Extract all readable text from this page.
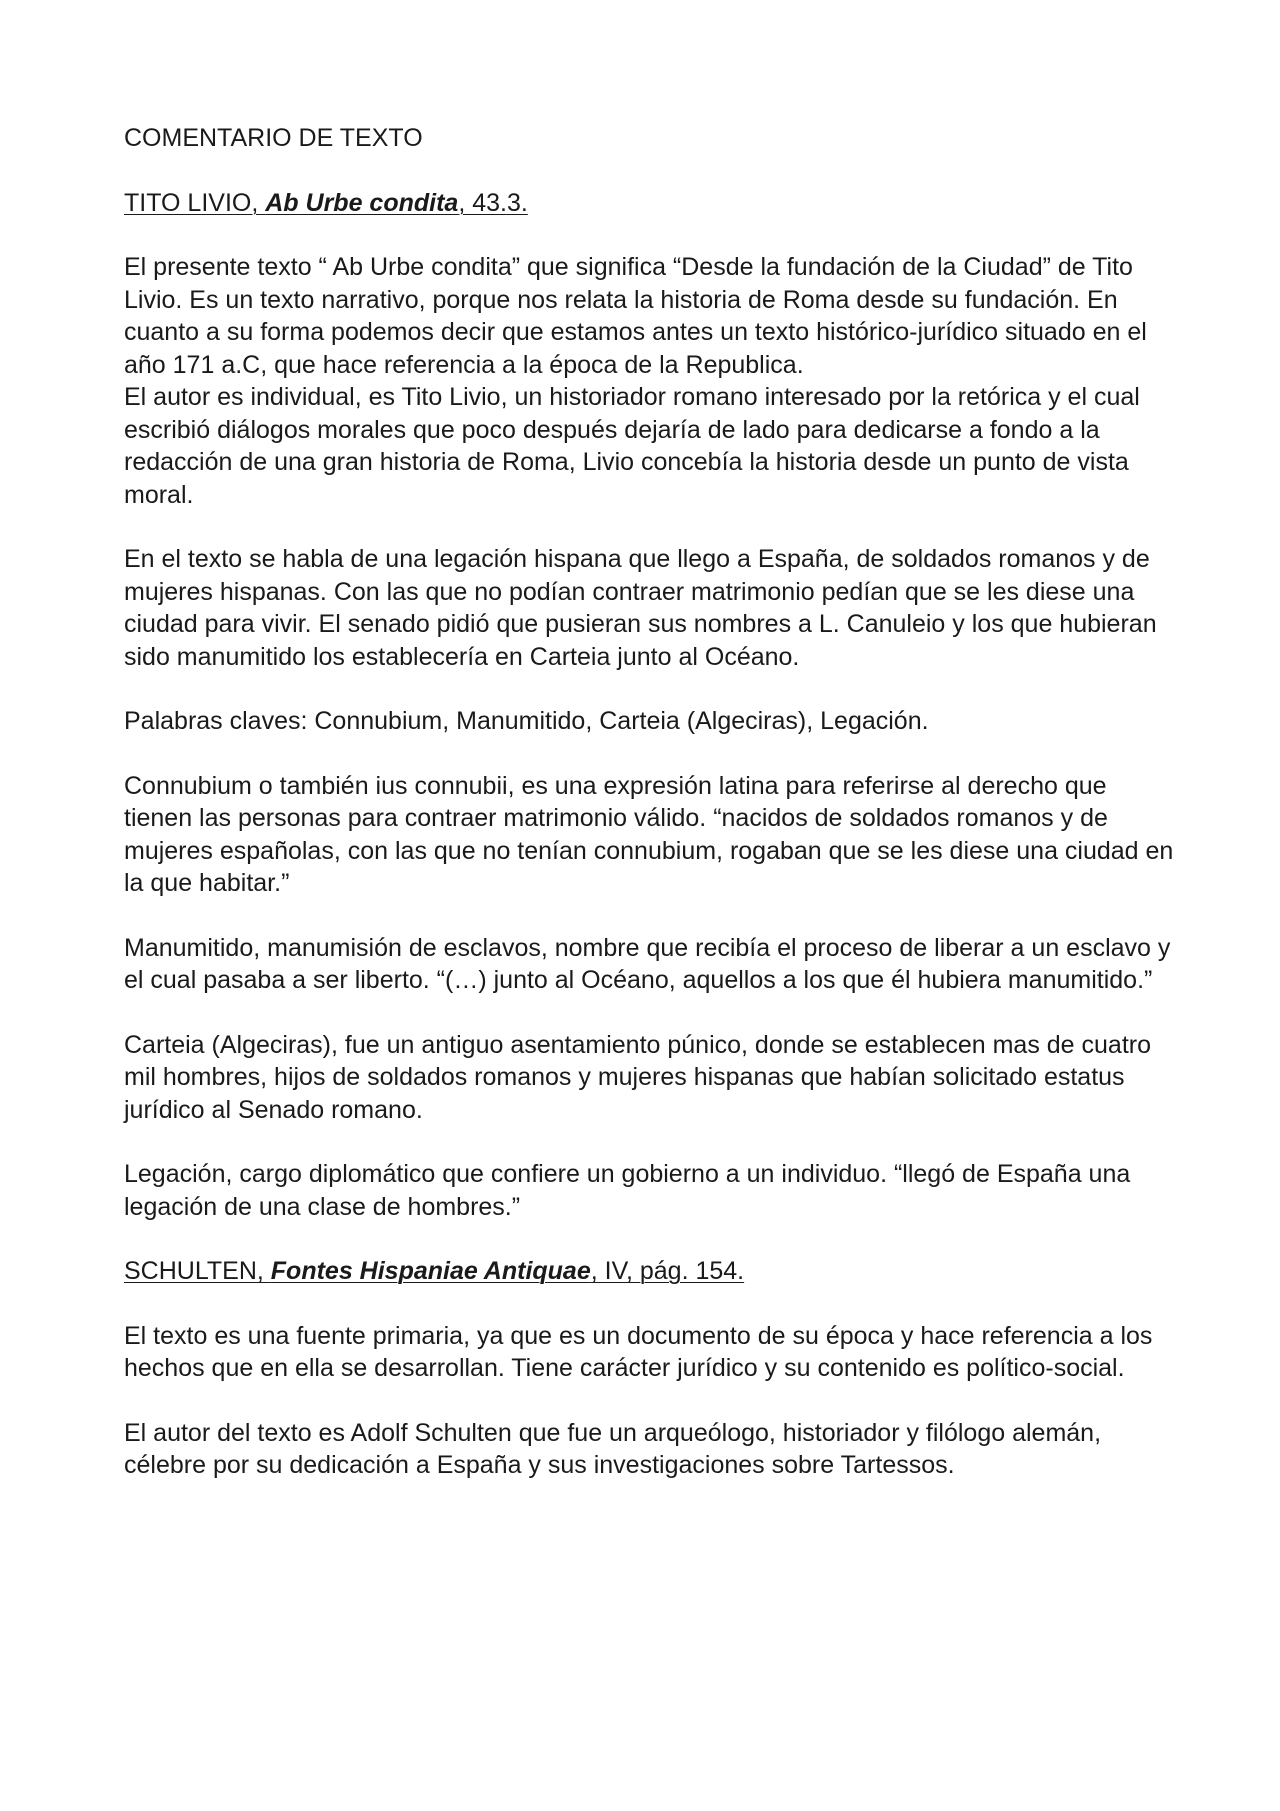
COMENTARIO DE TEXTO

TITO LIVIO, Ab Urbe condita, 43.3.

El presente texto “ Ab Urbe condita” que significa “Desde la fundación de la Ciudad” de Tito Livio. Es un texto narrativo, porque nos relata la historia de Roma desde su fundación. En cuanto a su forma podemos decir que estamos antes un texto histórico-jurídico situado en el año 171 a.C, que hace referencia a la época de la Republica.

El autor es individual, es Tito Livio, un historiador romano interesado por la retórica y el cual escribió diálogos morales que poco después dejaría de lado para dedicarse a fondo a la redacción de una gran historia de Roma, Livio concebía la historia desde un punto de vista moral.

En el texto se habla de una legación hispana que llego a España, de soldados romanos y de mujeres hispanas. Con las que no podían contraer matrimonio pedían que se les diese una ciudad para vivir. El senado pidió que pusieran sus nombres a L. Canuleio y los que hubieran sido manumitido los establecería en Carteia junto al Océano.

Palabras claves: Connubium, Manumitido, Carteia (Algeciras), Legación.

Connubium o también ius connubii, es una expresión latina para referirse al derecho que tienen las personas para contraer matrimonio válido. “nacidos de soldados romanos y de mujeres españolas, con las que no tenían connubium, rogaban que se les diese una ciudad en la que habitar.”

Manumitido, manumisión de esclavos, nombre que recibía el proceso de liberar a un esclavo y el cual pasaba a ser liberto. “(…) junto al Océano, aquellos a los que él hubiera manumitido.”

Carteia (Algeciras), fue un antiguo asentamiento púnico, donde se establecen mas de cuatro mil hombres, hijos de soldados romanos y mujeres hispanas que habían solicitado estatus jurídico al Senado romano.

Legación, cargo diplomático que confiere un gobierno a un individuo. “llegó de España una legación de una clase de hombres.”

SCHULTEN, Fontes Hispaniae Antiquae, IV, pág. 154.

El texto es una fuente primaria, ya que es un documento de su época y hace referencia a los hechos que en ella se desarrollan. Tiene carácter jurídico y su contenido es político-social.

El autor del texto es Adolf Schulten que fue un arqueólogo, historiador y filólogo alemán, célebre por su dedicación a España y sus investigaciones sobre Tartessos.
